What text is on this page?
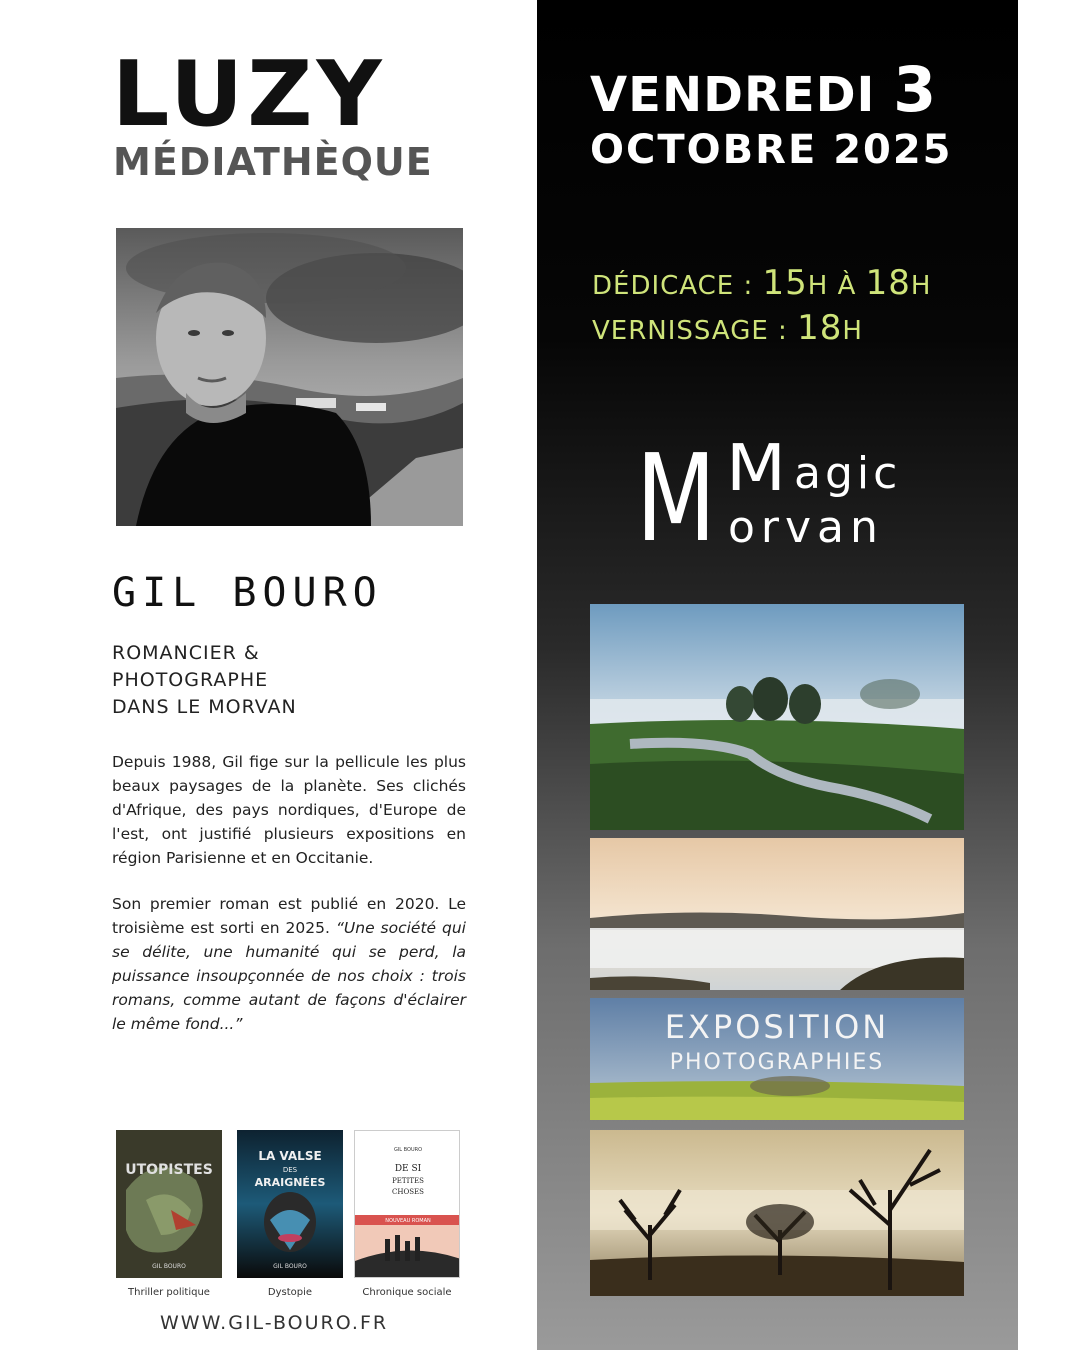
LUZY
MÉDIATHÈQUE
GIL BOURO
ROMANCIER &
PHOTOGRAPHE
DANS LE MORVAN

Depuis 1988, Gil fige sur la pellicule les plus beaux paysages de la planète. Ses clichés d'Afrique, des pays nordiques, d'Europe de l'est, ont justifié plusieurs expositions en région Parisienne et en Occitanie.

Son premier roman est publié en 2020. Le troisième est sorti en 2025. “Une société qui se délite, une humanité qui se perd, la puissance insoupçonnée de nos choix : trois romans, comme autant de façons d'éclairer le même fond...”

UTOPISTES
GIL BOURO
Thriller politique
LA VALSE
DES
ARAIGNÉES
GIL BOURO
Dystopie
GIL BOURO
DE SI
PETITES
CHOSES
NOUVEAU ROMAN
Chronique sociale
WWW.GIL-BOURO.FR
VENDREDI 3
OCTOBRE 2025
DÉDICACE : 15H À 18H
VERNISSAGE : 18H
M M agic
orvan
EXPOSITION
PHOTOGRAPHIES
